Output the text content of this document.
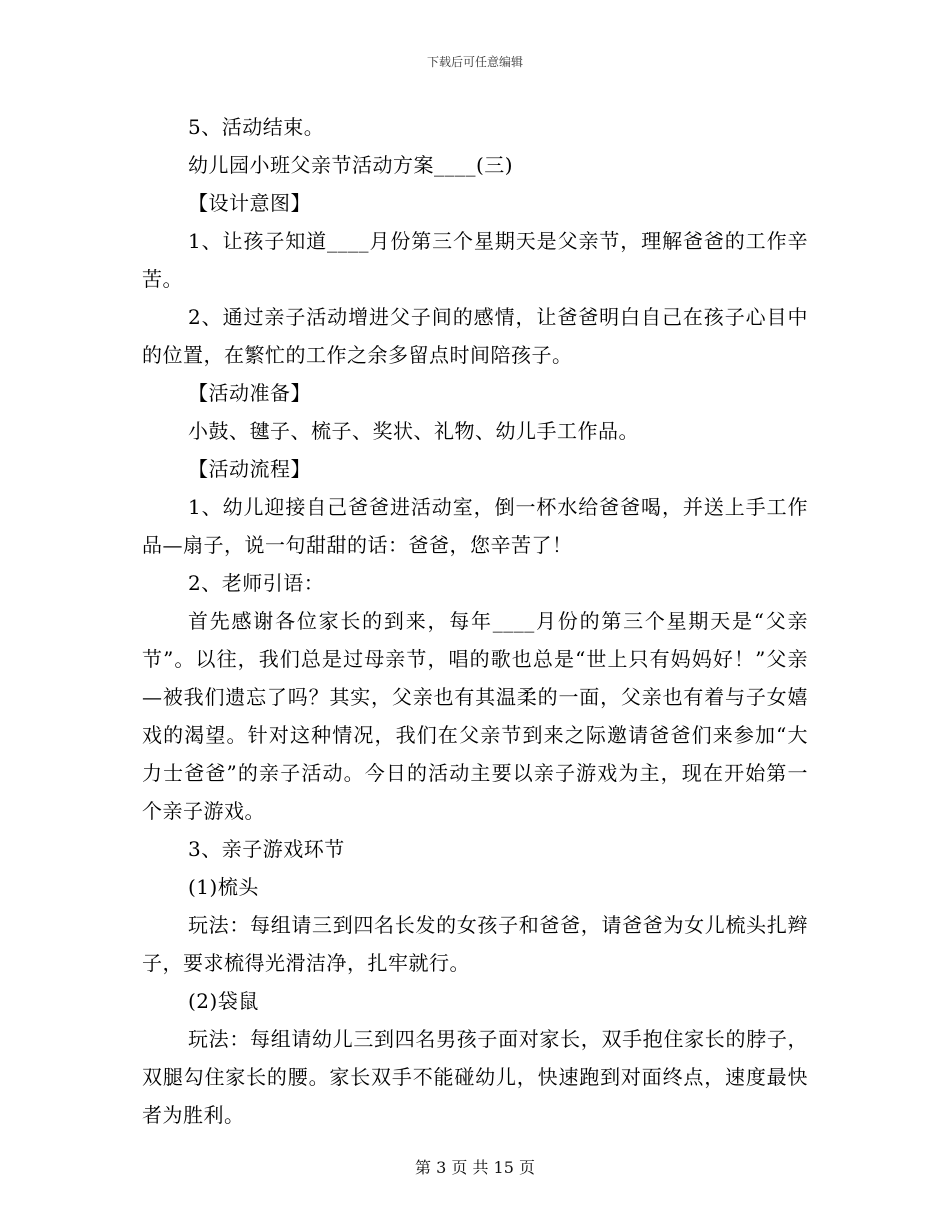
下载后可任意编辑

5、活动结束。

幼儿园小班父亲节活动方案____(三)

【设计意图】

1、让孩子知道____月份第三个星期天是父亲节，理解爸爸的工作辛苦。

2、通过亲子活动增进父子间的感情，让爸爸明白自己在孩子心目中的位置，在繁忙的工作之余多留点时间陪孩子。

【活动准备】

小鼓、毽子、梳子、奖状、礼物、幼儿手工作品。

【活动流程】

1、幼儿迎接自己爸爸进活动室，倒一杯水给爸爸喝，并送上手工作品—扇子，说一句甜甜的话：爸爸，您辛苦了！

2、老师引语：

首先感谢各位家长的到来，每年____月份的第三个星期天是“父亲节”。以往，我们总是过母亲节，唱的歌也总是“世上只有妈妈好！”父亲—被我们遗忘了吗？其实，父亲也有其温柔的一面，父亲也有着与子女嬉戏的渴望。针对这种情况，我们在父亲节到来之际邀请爸爸们来参加“大力士爸爸”的亲子活动。今日的活动主要以亲子游戏为主，现在开始第一个亲子游戏。

3、亲子游戏环节

(1)梳头

玩法：每组请三到四名长发的女孩子和爸爸，请爸爸为女儿梳头扎辫子，要求梳得光滑洁净，扎牢就行。

(2)袋鼠

玩法：每组请幼儿三到四名男孩子面对家长，双手抱住家长的脖子，双腿勾住家长的腰。家长双手不能碰幼儿，快速跑到对面终点，速度最快者为胜利。

第 3 页 共 15 页
